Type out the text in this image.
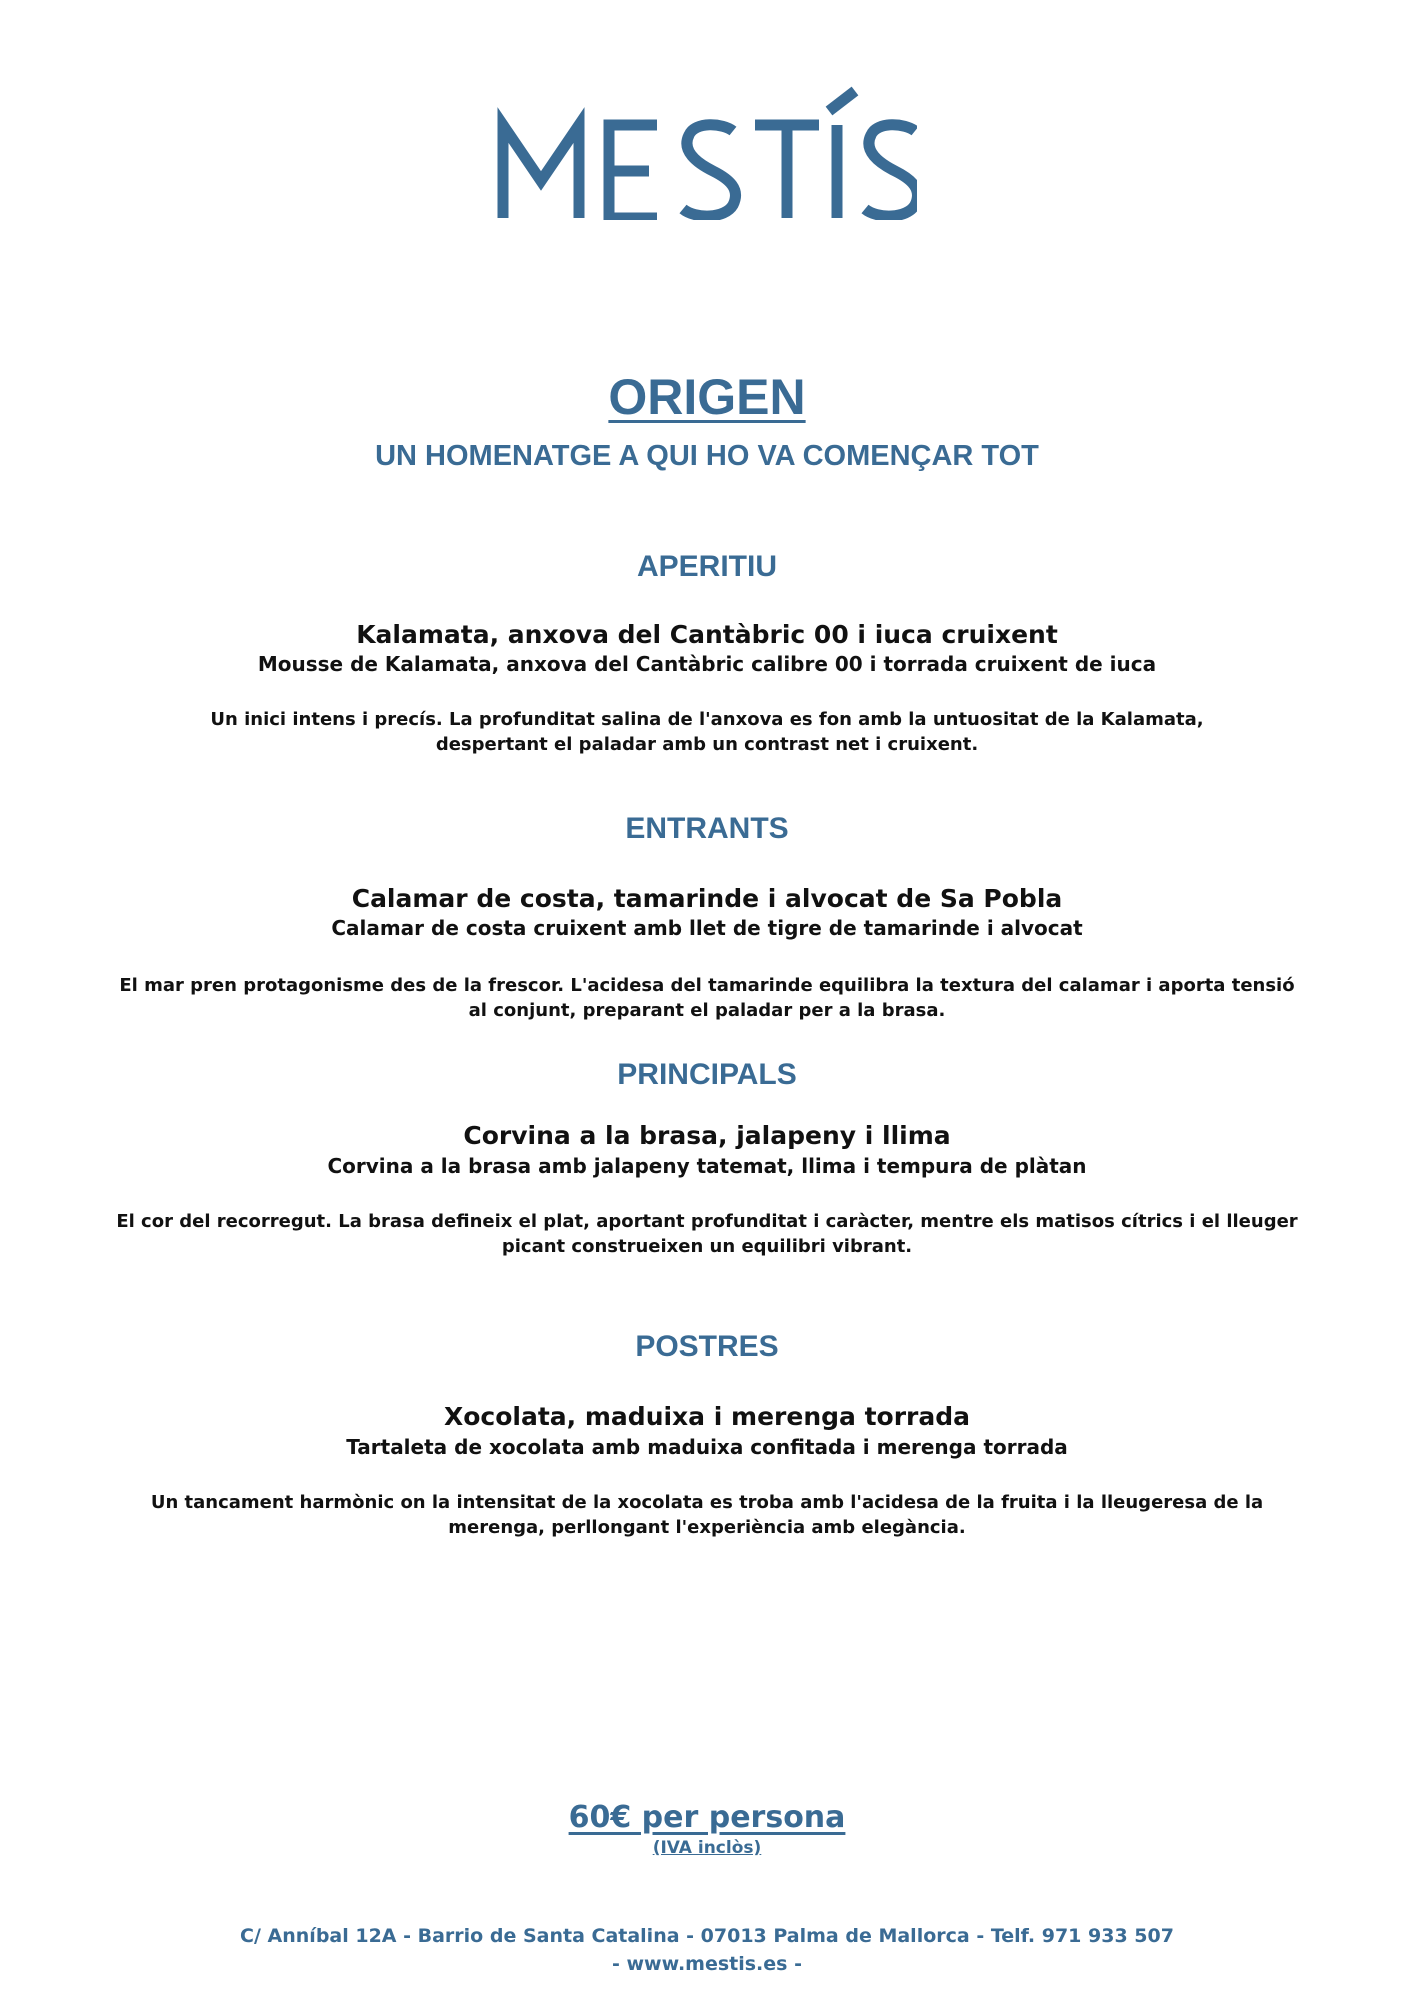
ORIGEN
UN HOMENATGE A QUI HO VA COMENÇAR TOT
APERITIU
Kalamata, anxova del Cantàbric 00 i iuca cruixent
Mousse de Kalamata, anxova del Cantàbric calibre 00 i torrada cruixent de iuca
Un inici intens i precís. La profunditat salina de l'anxova es fon amb la untuositat de la Kalamata,
despertant el paladar amb un contrast net i cruixent.
ENTRANTS
Calamar de costa, tamarinde i alvocat de Sa Pobla
Calamar de costa cruixent amb llet de tigre de tamarinde i alvocat
El mar pren protagonisme des de la frescor. L'acidesa del tamarinde equilibra la textura del calamar i aporta tensió
al conjunt, preparant el paladar per a la brasa.
PRINCIPALS
Corvina a la brasa, jalapeny i llima
Corvina a la brasa amb jalapeny tatemat, llima i tempura de plàtan
El cor del recorregut. La brasa defineix el plat, aportant profunditat i caràcter, mentre els matisos cítrics i el lleuger
picant construeixen un equilibri vibrant.
POSTRES
Xocolata, maduixa i merenga torrada
Tartaleta de xocolata amb maduixa confitada i merenga torrada
Un tancament harmònic on la intensitat de la xocolata es troba amb l'acidesa de la fruita i la lleugeresa de la
merenga, perllongant l'experiència amb elegància.
60€ per persona
(IVA inclòs)
C/ Anníbal 12A - Barrio de Santa Catalina - 07013 Palma de Mallorca - Telf. 971 933 507
- www.mestis.es -
